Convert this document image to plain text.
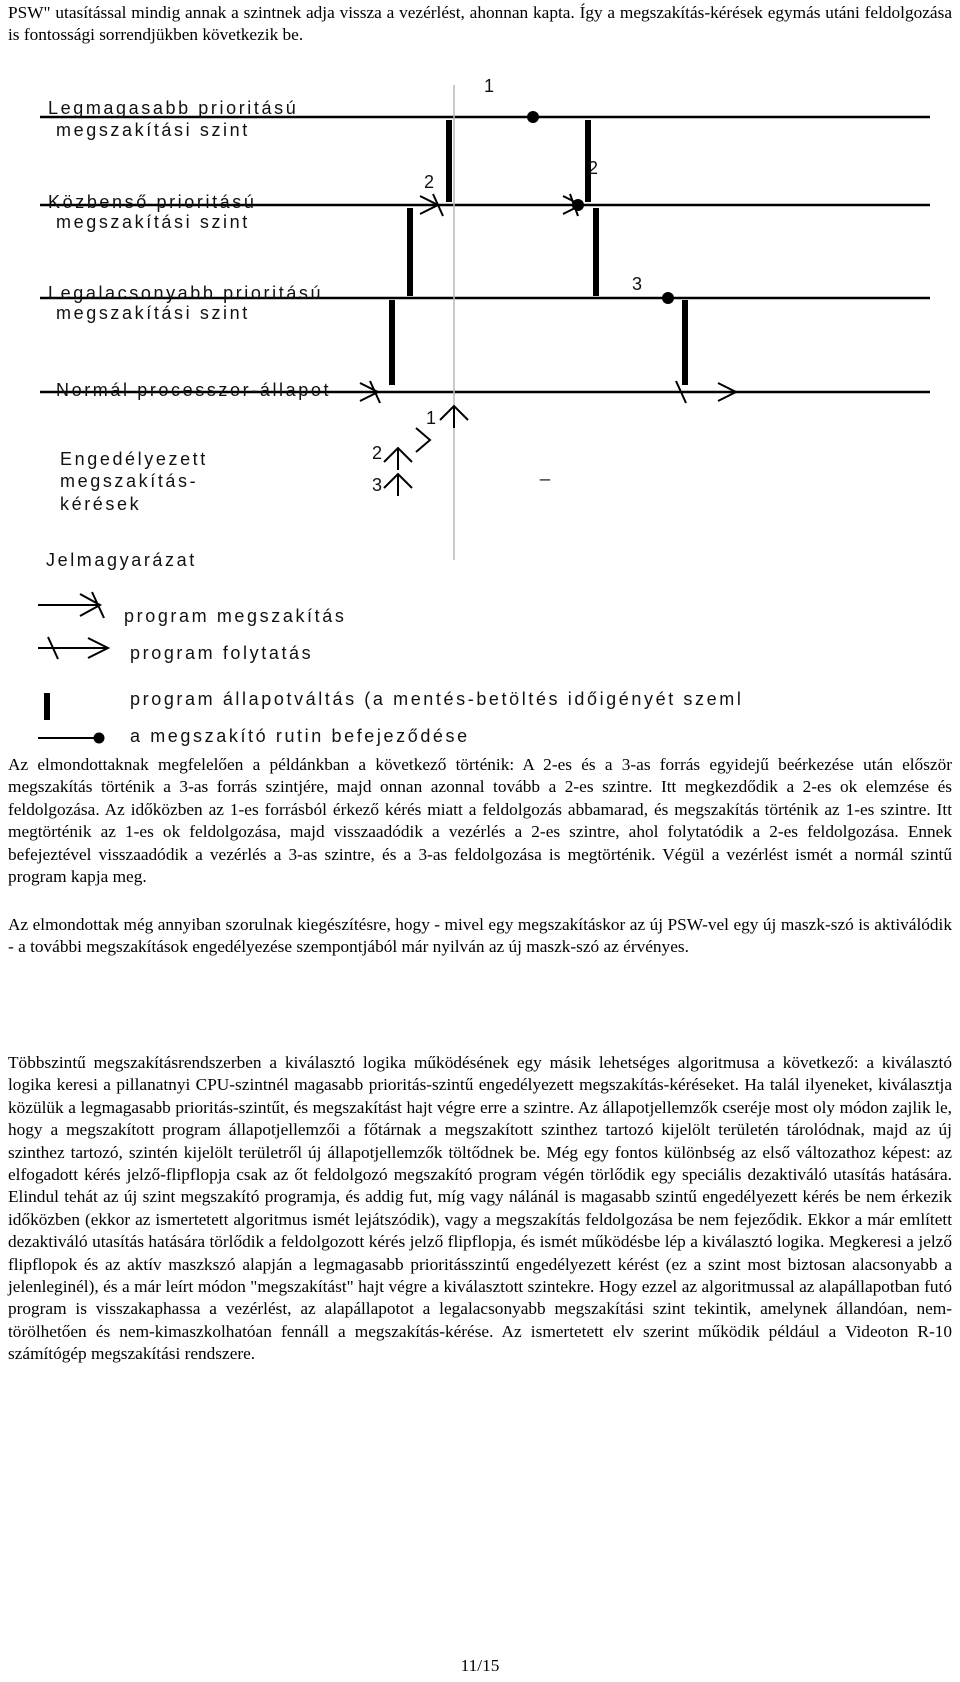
PSW" utasítással mindig annak a szintnek adja vissza a vezérlést, ahonnan kapta. Így a megszakítás-kérések egymás utáni feldolgozása is fontossági sorrendjükben következik be.

Legmagasabb prioritású
megszakítási szint
Közbenső prioritású
megszakítási szint
Legalacsonyabb prioritású
megszakítási szint
Normál processzor-állapot
Engedélyezett
megszakítás-
kérések
1
2
2
3
1
2
3
_
Jelmagyarázat
program megszakítás
program folytatás
program állapotváltás (a mentés-betöltés időigényét szeml
a megszakító rutin befejeződése

Az elmondottaknak megfelelően a példánkban a következő történik: A 2-es és a 3-as forrás egyidejű beérkezése után először megszakítás történik a 3-as forrás szintjére, majd onnan azonnal tovább a 2-es szintre. Itt megkezdődik a 2-es ok elemzése és feldolgozása. Az időközben az 1-es forrásból érkező kérés miatt a feldolgozás abbamarad, és megszakítás történik az 1-es szintre. Itt megtörténik az 1-es ok feldolgozása, majd visszaadódik a vezérlés a 2-es szintre, ahol folytatódik a 2-es feldolgozása. Ennek befejeztével visszaadódik a vezérlés a 3-as szintre, és a 3-as feldolgozása is megtörténik. Végül a vezérlést ismét a normál szintű program kapja meg.

Az elmondottak még annyiban szorulnak kiegészítésre, hogy - mivel egy megszakításkor az új PSW-vel egy új maszk-szó is aktiválódik - a további megszakítások engedélyezése szempontjából már nyilván az új maszk-szó az érvényes.

Többszintű megszakításrendszerben a kiválasztó logika működésének egy másik lehetséges algoritmusa a következő: a kiválasztó logika keresi a pillanatnyi CPU-szintnél magasabb prioritás-szintű engedélyezett megszakítás-kéréseket. Ha talál ilyeneket, kiválasztja közülük a legmagasabb prioritás-szintűt, és megszakítást hajt végre erre a szintre. Az állapotjellemzők cseréje most oly módon zajlik le, hogy a megszakított program állapotjellemzői a főtárnak a megszakított szinthez tartozó kijelölt területén tárolódnak, majd az új szinthez tartozó, szintén kijelölt területről új állapotjellemzők töltődnek be. Még egy fontos különbség az első változathoz képest: az elfogadott kérés jelző-flipflopja csak az őt feldolgozó megszakító program végén törlődik egy speciális dezaktiváló utasítás hatására. Elindul tehát az új szint megszakító programja, és addig fut, míg vagy nálánál is magasabb szintű engedélyezett kérés be nem érkezik időközben (ekkor az ismertetett algoritmus ismét lejátszódik), vagy a megszakítás feldolgozása be nem fejeződik. Ekkor a már említett dezaktiváló utasítás hatására törlődik a feldolgozott kérés jelző flipflopja, és ismét működésbe lép a kiválasztó logika. Megkeresi a jelző flipflopok és az aktív maszkszó alapján a legmagasabb prioritásszintű engedélyezett kérést (ez a szint most biztosan alacsonyabb a jelenleginél), és a már leírt módon "megszakítást" hajt végre a kiválasztott szintekre. Hogy ezzel az algoritmussal az alapállapotban futó program is visszakaphassa a vezérlést, az alapállapotot a legalacsonyabb megszakítási szint tekintik, amelynek állandóan, nem-törölhetően és nem-kimaszkolhatóan fennáll a megszakítás-kérése. Az ismertetett elv szerint működik például a Videoton R-10 számítógép megszakítási rendszere.

11/15
